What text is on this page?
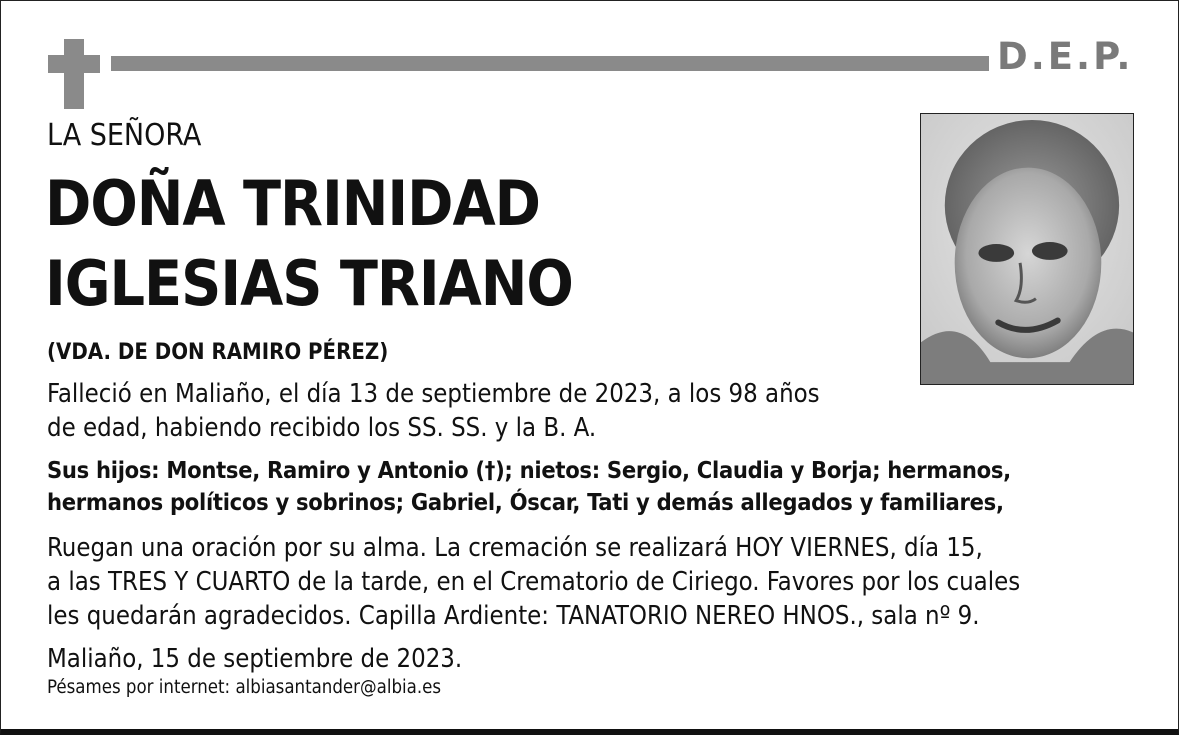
D.E.P.
LA SEÑORA
DOÑA TRINIDAD
IGLESIAS TRIANO
(VDA. DE DON RAMIRO PÉREZ)
Falleció en Maliaño, el día 13 de septiembre de 2023, a los 98 años
de edad, habiendo recibido los SS. SS. y la B. A.
Sus hijos: Montse, Ramiro y Antonio (†); nietos: Sergio, Claudia y Borja; hermanos,
hermanos políticos y sobrinos; Gabriel, Óscar, Tati y demás allegados y familiares,
Ruegan una oración por su alma. La cremación se realizará HOY VIERNES, día 15,
a las TRES Y CUARTO de la tarde, en el Crematorio de Ciriego. Favores por los cuales
les quedarán agradecidos. Capilla Ardiente: TANATORIO NEREO HNOS., sala nº 9.
Maliaño, 15 de septiembre de 2023.
Pésames por internet: albiasantander@albia.es
